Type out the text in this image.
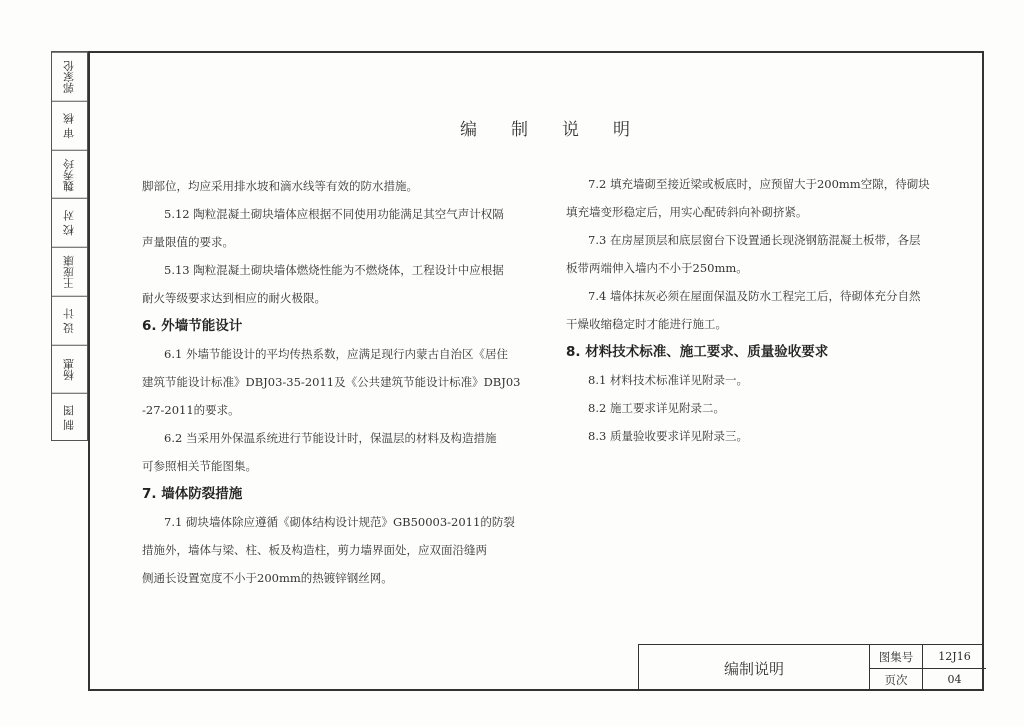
郭家伦
审 核
魏秀玲
校 对
王庞康
设 计
杨惠
制 图
编制说明

脚部位，均应采用排水坡和滴水线等有效的防水措施。

5.12 陶粒混凝土砌块墙体应根据不同使用功能满足其空气声计权隔

声量限值的要求。

5.13 陶粒混凝土砌块墙体燃烧性能为不燃烧体，工程设计中应根据

耐火等级要求达到相应的耐火极限。

6. 外墙节能设计

6.1 外墙节能设计的平均传热系数，应满足现行内蒙古自治区《居住

建筑节能设计标准》DBJ03-35-2011及《公共建筑节能设计标准》DBJ03

-27-2011的要求。

6.2 当采用外保温系统进行节能设计时，保温层的材料及构造措施

可参照相关节能图集。

7. 墙体防裂措施

7.1 砌块墙体除应遵循《砌体结构设计规范》GB50003-2011的防裂

措施外，墙体与梁、柱、板及构造柱，剪力墙界面处，应双面沿缝两

侧通长设置宽度不小于200mm的热镀锌钢丝网。

7.2 填充墙砌至接近梁或板底时，应预留大于200mm空隙，待砌块

填充墙变形稳定后，用实心配砖斜向补砌挤紧。

7.3 在房屋顶层和底层窗台下设置通长现浇钢筋混凝土板带，各层

板带两端伸入墙内不小于250mm。

7.4 墙体抹灰必须在屋面保温及防水工程完工后，待砌体充分自然

干燥收缩稳定时才能进行施工。

8. 材料技术标准、施工要求、质量验收要求

8.1 材料技术标准详见附录一。

8.2 施工要求详见附录二。

8.3 质量验收要求详见附录三。

编制说明
图集号	12J16
页次	04
